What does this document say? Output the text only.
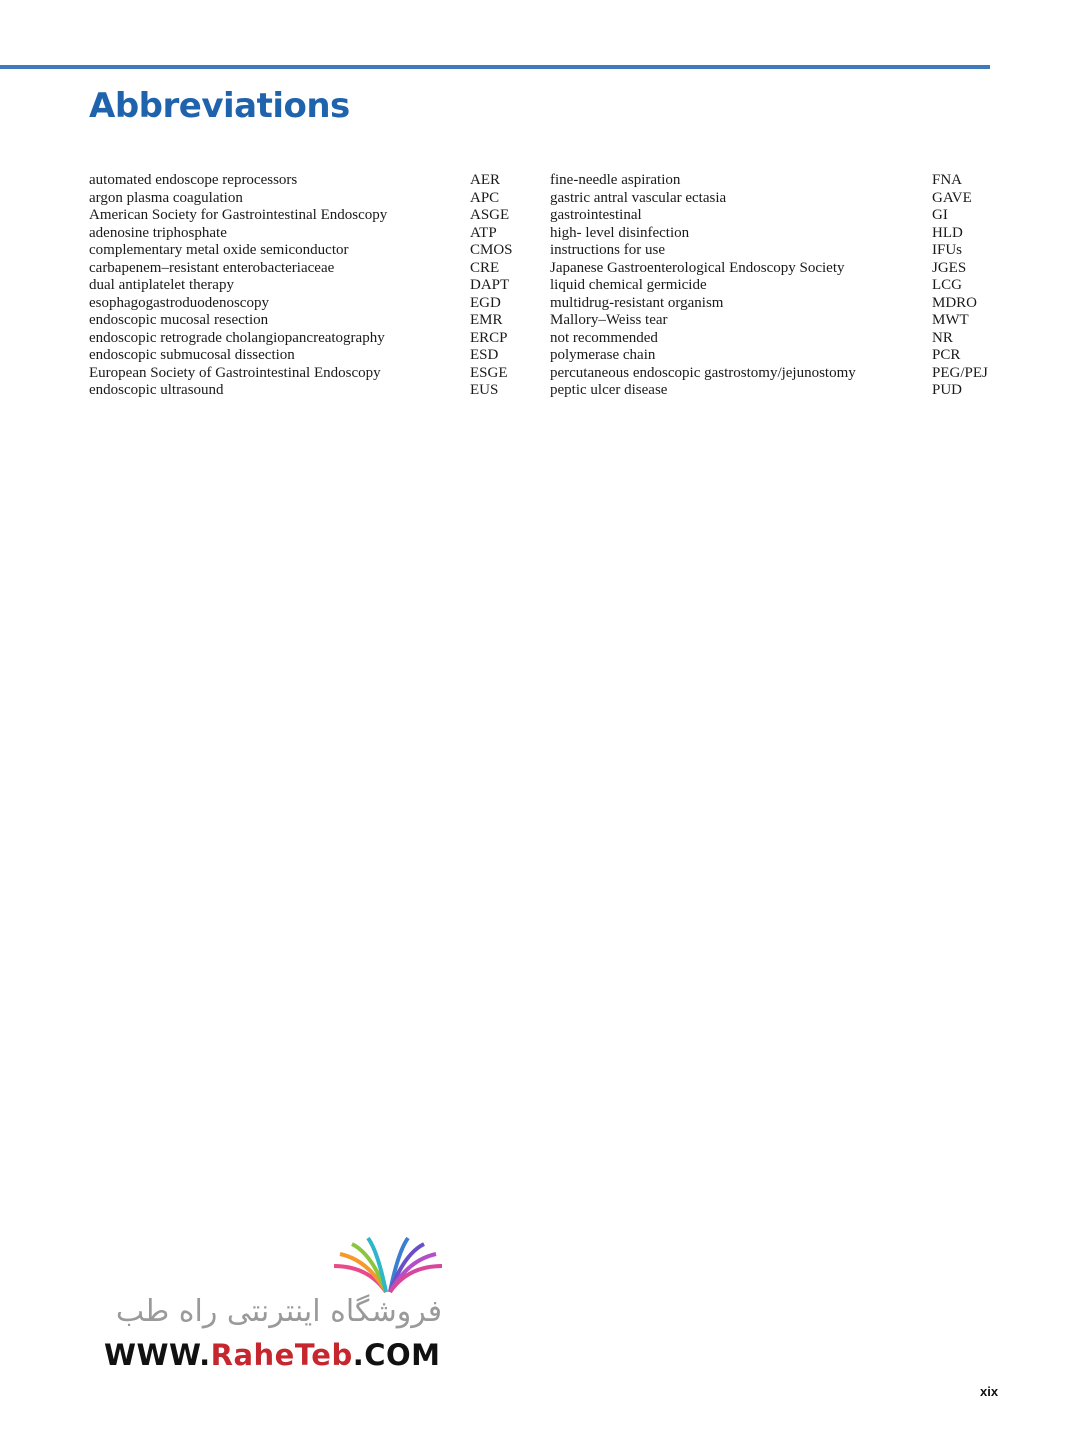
Abbreviations
automated endoscope reprocessors	AER
argon plasma coagulation	APC
American Society for Gastrointestinal Endoscopy	ASGE
adenosine triphosphate	ATP
complementary metal oxide semiconductor	CMOS
carbapenem–resistant enterobacteriaceae	CRE
dual antiplatelet therapy	DAPT
esophagogastroduodenoscopy	EGD
endoscopic mucosal resection	EMR
endoscopic retrograde cholangiopancreatography	ERCP
endoscopic submucosal dissection	ESD
European Society of Gastrointestinal Endoscopy	ESGE
endoscopic ultrasound	EUS
fine-needle aspiration	FNA
gastric antral vascular ectasia	GAVE
gastrointestinal	GI
high- level disinfection	HLD
instructions for use	IFUs
Japanese Gastroenterological Endoscopy Society	JGES
liquid chemical germicide	LCG
multidrug-resistant organism	MDRO
Mallory–Weiss tear	MWT
not recommended	NR
polymerase chain	PCR
percutaneous endoscopic gastrostomy/jejunostomy	PEG/PEJ
peptic ulcer disease	PUD
فروشگاه اینترنتی راه طب
WWW.RaheTeb.COM
xix
